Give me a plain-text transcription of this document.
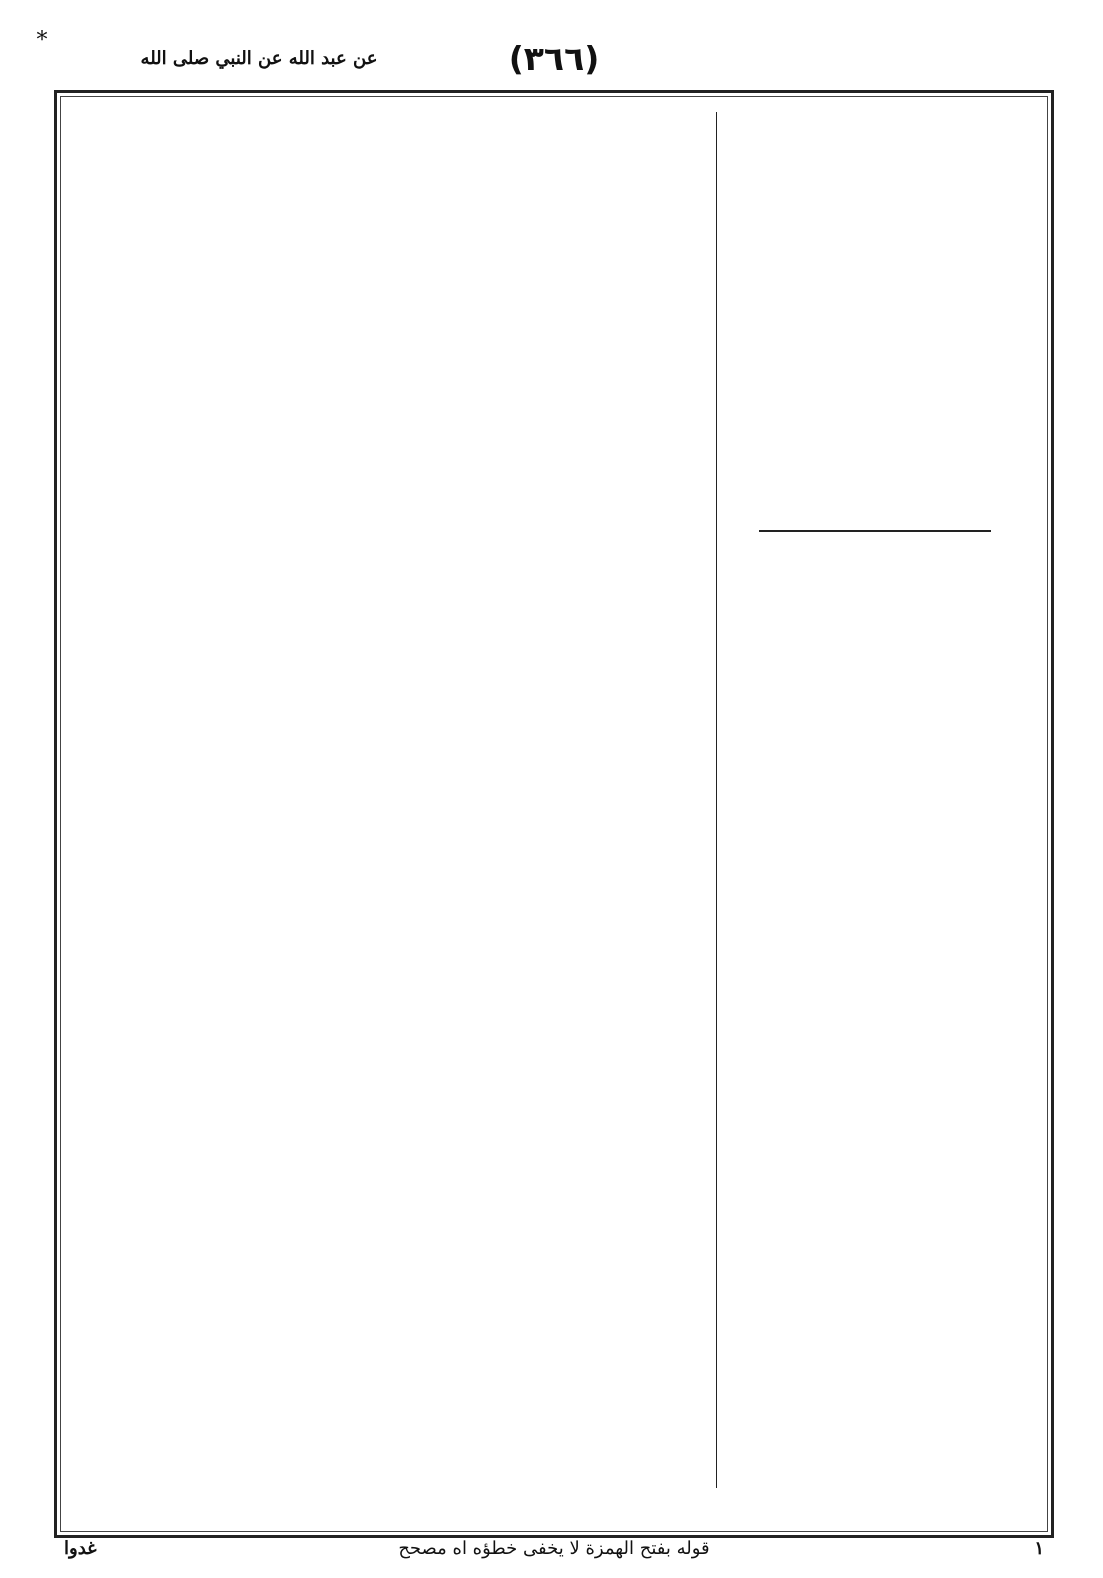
*	(٣٦٦)
عن عبد الله عن النبي صلى الله
١
قوله بفتح الهمزة لا يخفى خطؤه اه مصحح
غدوا
